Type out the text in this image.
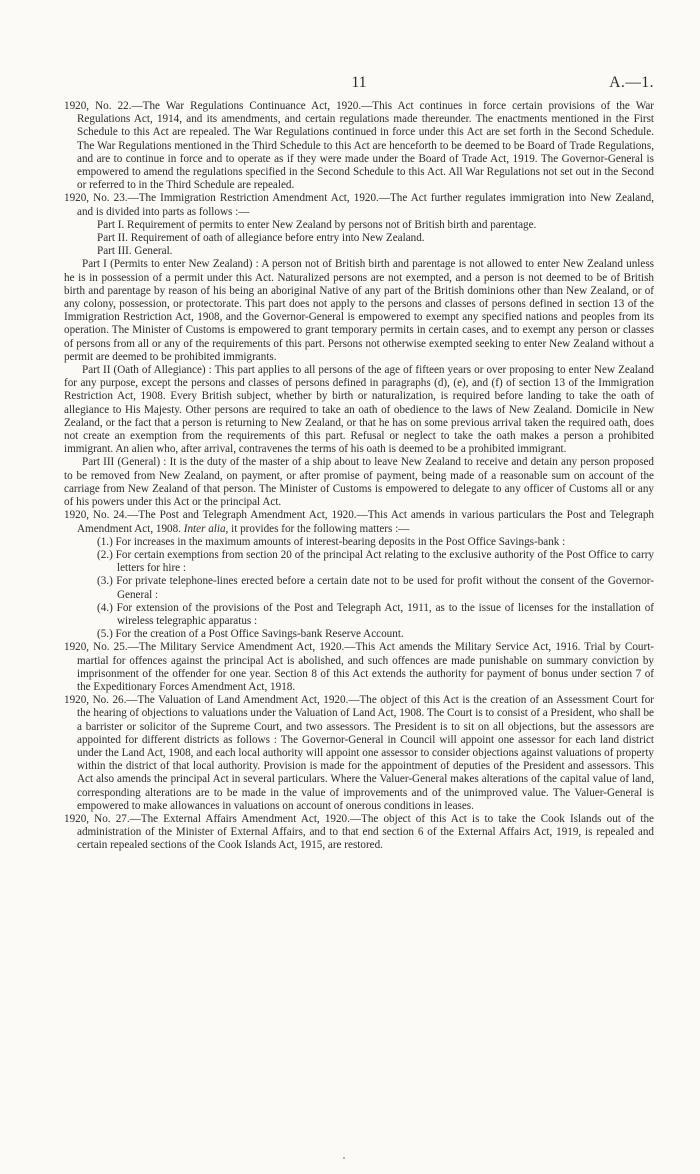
11	A.—1.

1920, No. 22.—The War Regulations Continuance Act, 1920.—This Act continues in force certain provisions of the War Regulations Act, 1914, and its amendments, and certain regulations made thereunder. The enactments mentioned in the First Schedule to this Act are repealed. The War Regulations continued in force under this Act are set forth in the Second Schedule. The War Regulations mentioned in the Third Schedule to this Act are henceforth to be deemed to be Board of Trade Regulations, and are to continue in force and to operate as if they were made under the Board of Trade Act, 1919. The Governor-General is empowered to amend the regulations specified in the Second Schedule to this Act. All War Regulations not set out in the Second or referred to in the Third Schedule are repealed.

1920, No. 23.—The Immigration Restriction Amendment Act, 1920.—The Act further regulates immigration into New Zealand, and is divided into parts as follows :—

Part I. Requirement of permits to enter New Zealand by persons not of British birth and parentage.

Part II. Requirement of oath of allegiance before entry into New Zealand.

Part III. General.

Part I (Permits to enter New Zealand) : A person not of British birth and parentage is not allowed to enter New Zealand unless he is in possession of a permit under this Act. Naturalized persons are not exempted, and a person is not deemed to be of British birth and parentage by reason of his being an aboriginal Native of any part of the British dominions other than New Zealand, or of any colony, possession, or protectorate. This part does not apply to the persons and classes of persons defined in section 13 of the Immigration Restriction Act, 1908, and the Governor-General is empowered to exempt any specified nations and peoples from its operation. The Minister of Customs is empowered to grant temporary permits in certain cases, and to exempt any person or classes of persons from all or any of the requirements of this part. Persons not otherwise exempted seeking to enter New Zealand without a permit are deemed to be prohibited immigrants.

Part II (Oath of Allegiance) : This part applies to all persons of the age of fifteen years or over proposing to enter New Zealand for any purpose, except the persons and classes of persons defined in paragraphs (d), (e), and (f) of section 13 of the Immigration Restriction Act, 1908. Every British subject, whether by birth or naturalization, is required before landing to take the oath of allegiance to His Majesty. Other persons are required to take an oath of obedience to the laws of New Zealand. Domicile in New Zealand, or the fact that a person is returning to New Zealand, or that he has on some previous arrival taken the required oath, does not create an exemption from the requirements of this part. Refusal or neglect to take the oath makes a person a prohibited immigrant. An alien who, after arrival, contravenes the terms of his oath is deemed to be a prohibited immigrant.

Part III (General) : It is the duty of the master of a ship about to leave New Zealand to receive and detain any person proposed to be removed from New Zealand, on payment, or after promise of payment, being made of a reasonable sum on account of the carriage from New Zealand of that person. The Minister of Customs is empowered to delegate to any officer of Customs all or any of his powers under this Act or the principal Act.

1920, No. 24.—The Post and Telegraph Amendment Act, 1920.—This Act amends in various particulars the Post and Telegraph Amendment Act, 1908. Inter alia, it provides for the following matters :—

(1.) For increases in the maximum amounts of interest-bearing deposits in the Post Office Savings-bank :

(2.) For certain exemptions from section 20 of the principal Act relating to the exclusive authority of the Post Office to carry letters for hire :

(3.) For private telephone-lines erected before a certain date not to be used for profit without the consent of the Governor-General :

(4.) For extension of the provisions of the Post and Telegraph Act, 1911, as to the issue of licenses for the installation of wireless telegraphic apparatus :

(5.) For the creation of a Post Office Savings-bank Reserve Account.

1920, No. 25.—The Military Service Amendment Act, 1920.—This Act amends the Military Service Act, 1916. Trial by Court-martial for offences against the principal Act is abolished, and such offences are made punishable on summary conviction by imprisonment of the offender for one year. Section 8 of this Act extends the authority for payment of bonus under section 7 of the Expeditionary Forces Amendment Act, 1918.

1920, No. 26.—The Valuation of Land Amendment Act, 1920.—The object of this Act is the creation of an Assessment Court for the hearing of objections to valuations under the Valuation of Land Act, 1908. The Court is to consist of a President, who shall be a barrister or solicitor of the Supreme Court, and two assessors. The President is to sit on all objections, but the assessors are appointed for different districts as follows : The Governor-General in Council will appoint one assessor for each land district under the Land Act, 1908, and each local authority will appoint one assessor to consider objections against valuations of property within the district of that local authority. Provision is made for the appointment of deputies of the President and assessors. This Act also amends the principal Act in several particulars. Where the Valuer-General makes alterations of the capital value of land, corresponding alterations are to be made in the value of improvements and of the unimproved value. The Valuer-General is empowered to make allowances in valuations on account of onerous conditions in leases.

1920, No. 27.—The External Affairs Amendment Act, 1920.—The object of this Act is to take the Cook Islands out of the administration of the Minister of External Affairs, and to that end section 6 of the External Affairs Act, 1919, is repealed and certain repealed sections of the Cook Islands Act, 1915, are restored.
